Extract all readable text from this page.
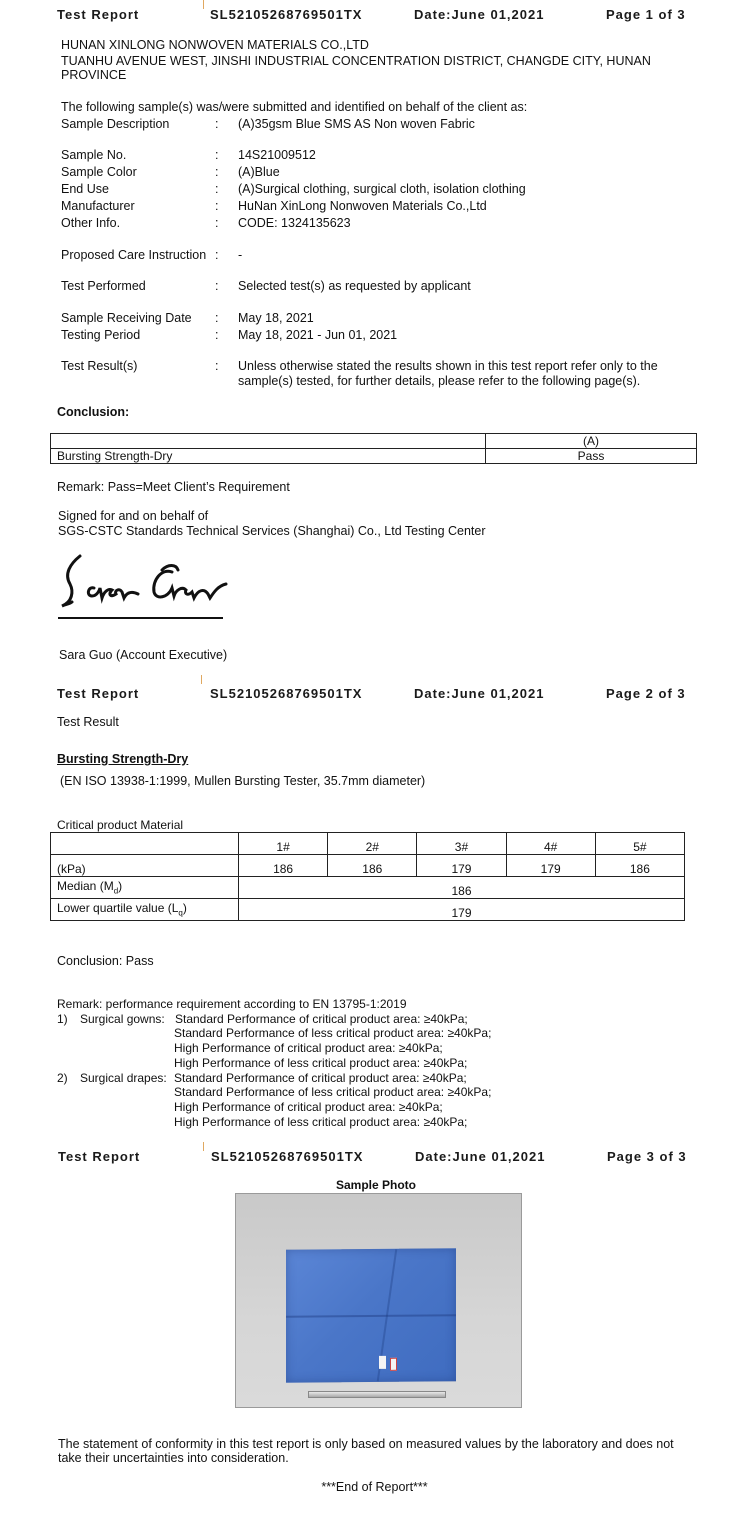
Test Report	SL52105268769501TX	Date:June 01,2021	Page 1 of 3
HUNAN XINLONG NONWOVEN MATERIALS CO.,LTD
TUANHU AVENUE WEST, JINSHI INDUSTRIAL CONCENTRATION DISTRICT, CHANGDE CITY, HUNAN
PROVINCE
The following sample(s) was/were submitted and identified on behalf of the client as:
Sample Description	: (A)35gsm Blue SMS AS Non woven Fabric
Sample No.	: 14S21009512
Sample Color	: (A)Blue
End Use	: (A)Surgical clothing, surgical cloth, isolation clothing
Manufacturer	: HuNan XinLong Nonwoven Materials Co.,Ltd
Other Info.	: CODE: 1324135623
Proposed Care Instruction : -
Test Performed	: Selected test(s) as requested by applicant
Sample Receiving Date : May 18, 2021
Testing Period	: May 18, 2021 - Jun 01, 2021
Test Result(s)	: Unless otherwise stated the results shown in this test report refer only to the
sample(s) tested, for further details, please refer to the following page(s).
Conclusion:
	(A)
Bursting Strength-Dry	Pass
Remark: Pass=Meet Client’s Requirement
Signed for and on behalf of
SGS-CSTC Standards Technical Services (Shanghai) Co., Ltd Testing Center
Sara Guo (Account Executive)
Test Report	SL52105268769501TX	Date:June 01,2021	Page 2 of 3
Test Result
Bursting Strength-Dry
(EN ISO 13938-1:1999, Mullen Bursting Tester, 35.7mm diameter)
Critical product Material
	1#	2#	3#	4#	5#
(kPa)	186	186	179	179	186
Median $(M_d)$	186				
Lower quartile value $(L_q)$	179				
Conclusion: Pass
Remark: performance requirement according to EN 13795-1:2019
1) Surgical gowns: Standard Performance of critical product area: ≥40kPa;
Standard Performance of less critical product area: ≥40kPa;
High Performance of critical product area: ≥40kPa;
High Performance of less critical product area: ≥40kPa;
2) Surgical drapes: Standard Performance of critical product area: ≥40kPa;
Standard Performance of less critical product area: ≥40kPa;
High Performance of critical product area: ≥40kPa;
High Performance of less critical product area: ≥40kPa;
Test Report	SL52105268769501TX	Date:June 01,2021	Page 3 of 3
Sample Photo
The statement of conformity in this test report is only based on measured values by the laboratory and does not
take their uncertainties into consideration.
***End of Report***
